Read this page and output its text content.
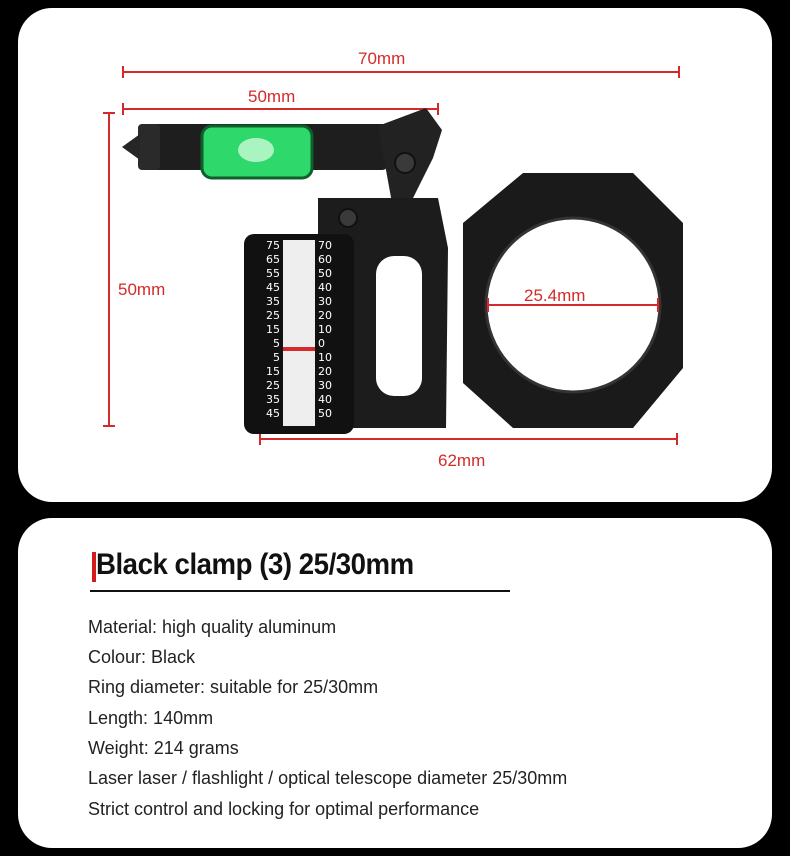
70mm
50mm
50mm
62mm
25.4mm
75
65
55
45
35
25
15
5
5
15
25
35
45
70
60
50
40
30
20
10
0
10
20
30
40
50
Black clamp (3) 25/30mm
Material: high quality aluminum
Colour: Black
Ring diameter: suitable for 25/30mm
Length: 140mm
Weight: 214 grams
Laser laser / flashlight / optical telescope diameter 25/30mm
Strict control and locking for optimal performance
